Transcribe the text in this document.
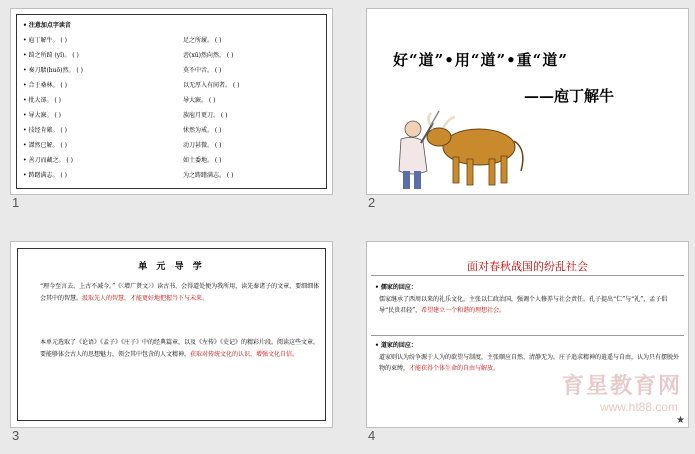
• 注意加点字读音
• 庖丁解牛。 ( )	足之所履。 ( )
• 踦之所踦 (yǐ)。 ( )	砉(xū)然向然。 ( )
• 奏刀騞(huō)然。 ( )	莫不中音。 ( )
• 合于桑林。 ( )	以无厚入有间者。 ( )
• 批大郤。 ( )	导大窾。 ( )
• 导大窾。 ( )	族庖月更刀。 ( )
• 技经肯綮。 ( )	怵然为戒。 ( )
• 謋然已解。 ( )	动刀甚微。 ( )
• 善刀而藏之。 ( )	如土委地。 ( )
• 踌躇满志。 ( )	为之踌躇满志。 ( )
1
好“道”•用“道”•重“道”
——庖丁解牛
2
单 元 导 学
“理今至言去，上古不减今。”《〈增广贤文〉》读古书，会得道处便为我所用，读先秦诸子的文章，要细细体会其中的智慧。汲取先人的智慧，才能更好地把握当下与未来。
本单元选取了《论语》《孟子》《庄子》中的经典篇章，以及《左传》《史记》的精彩片段。阅读这些文章，要能够体会古人的思想魅力，领会其中包含的人文精神，获取对传统文化的认识，增强文化自信。
3
面对春秋战国的纷乱社会
• 儒家的回应：
儒家继承了西周以来的礼乐文化，主张以仁政治国，强调个人修养与社会责任。孔子提出“仁”与“礼”，孟子倡导“民贵君轻”，希望建立一个和谐的理想社会。
• 道家的回应：
道家则认为纷争源于人为的欲望与制度，主张顺应自然、清静无为。庄子追求精神的逍遥与自由，认为只有摆脱外物的束缚，才能获得个体生命的自由与解放。
育星教育网
www.ht88.com
★
4
